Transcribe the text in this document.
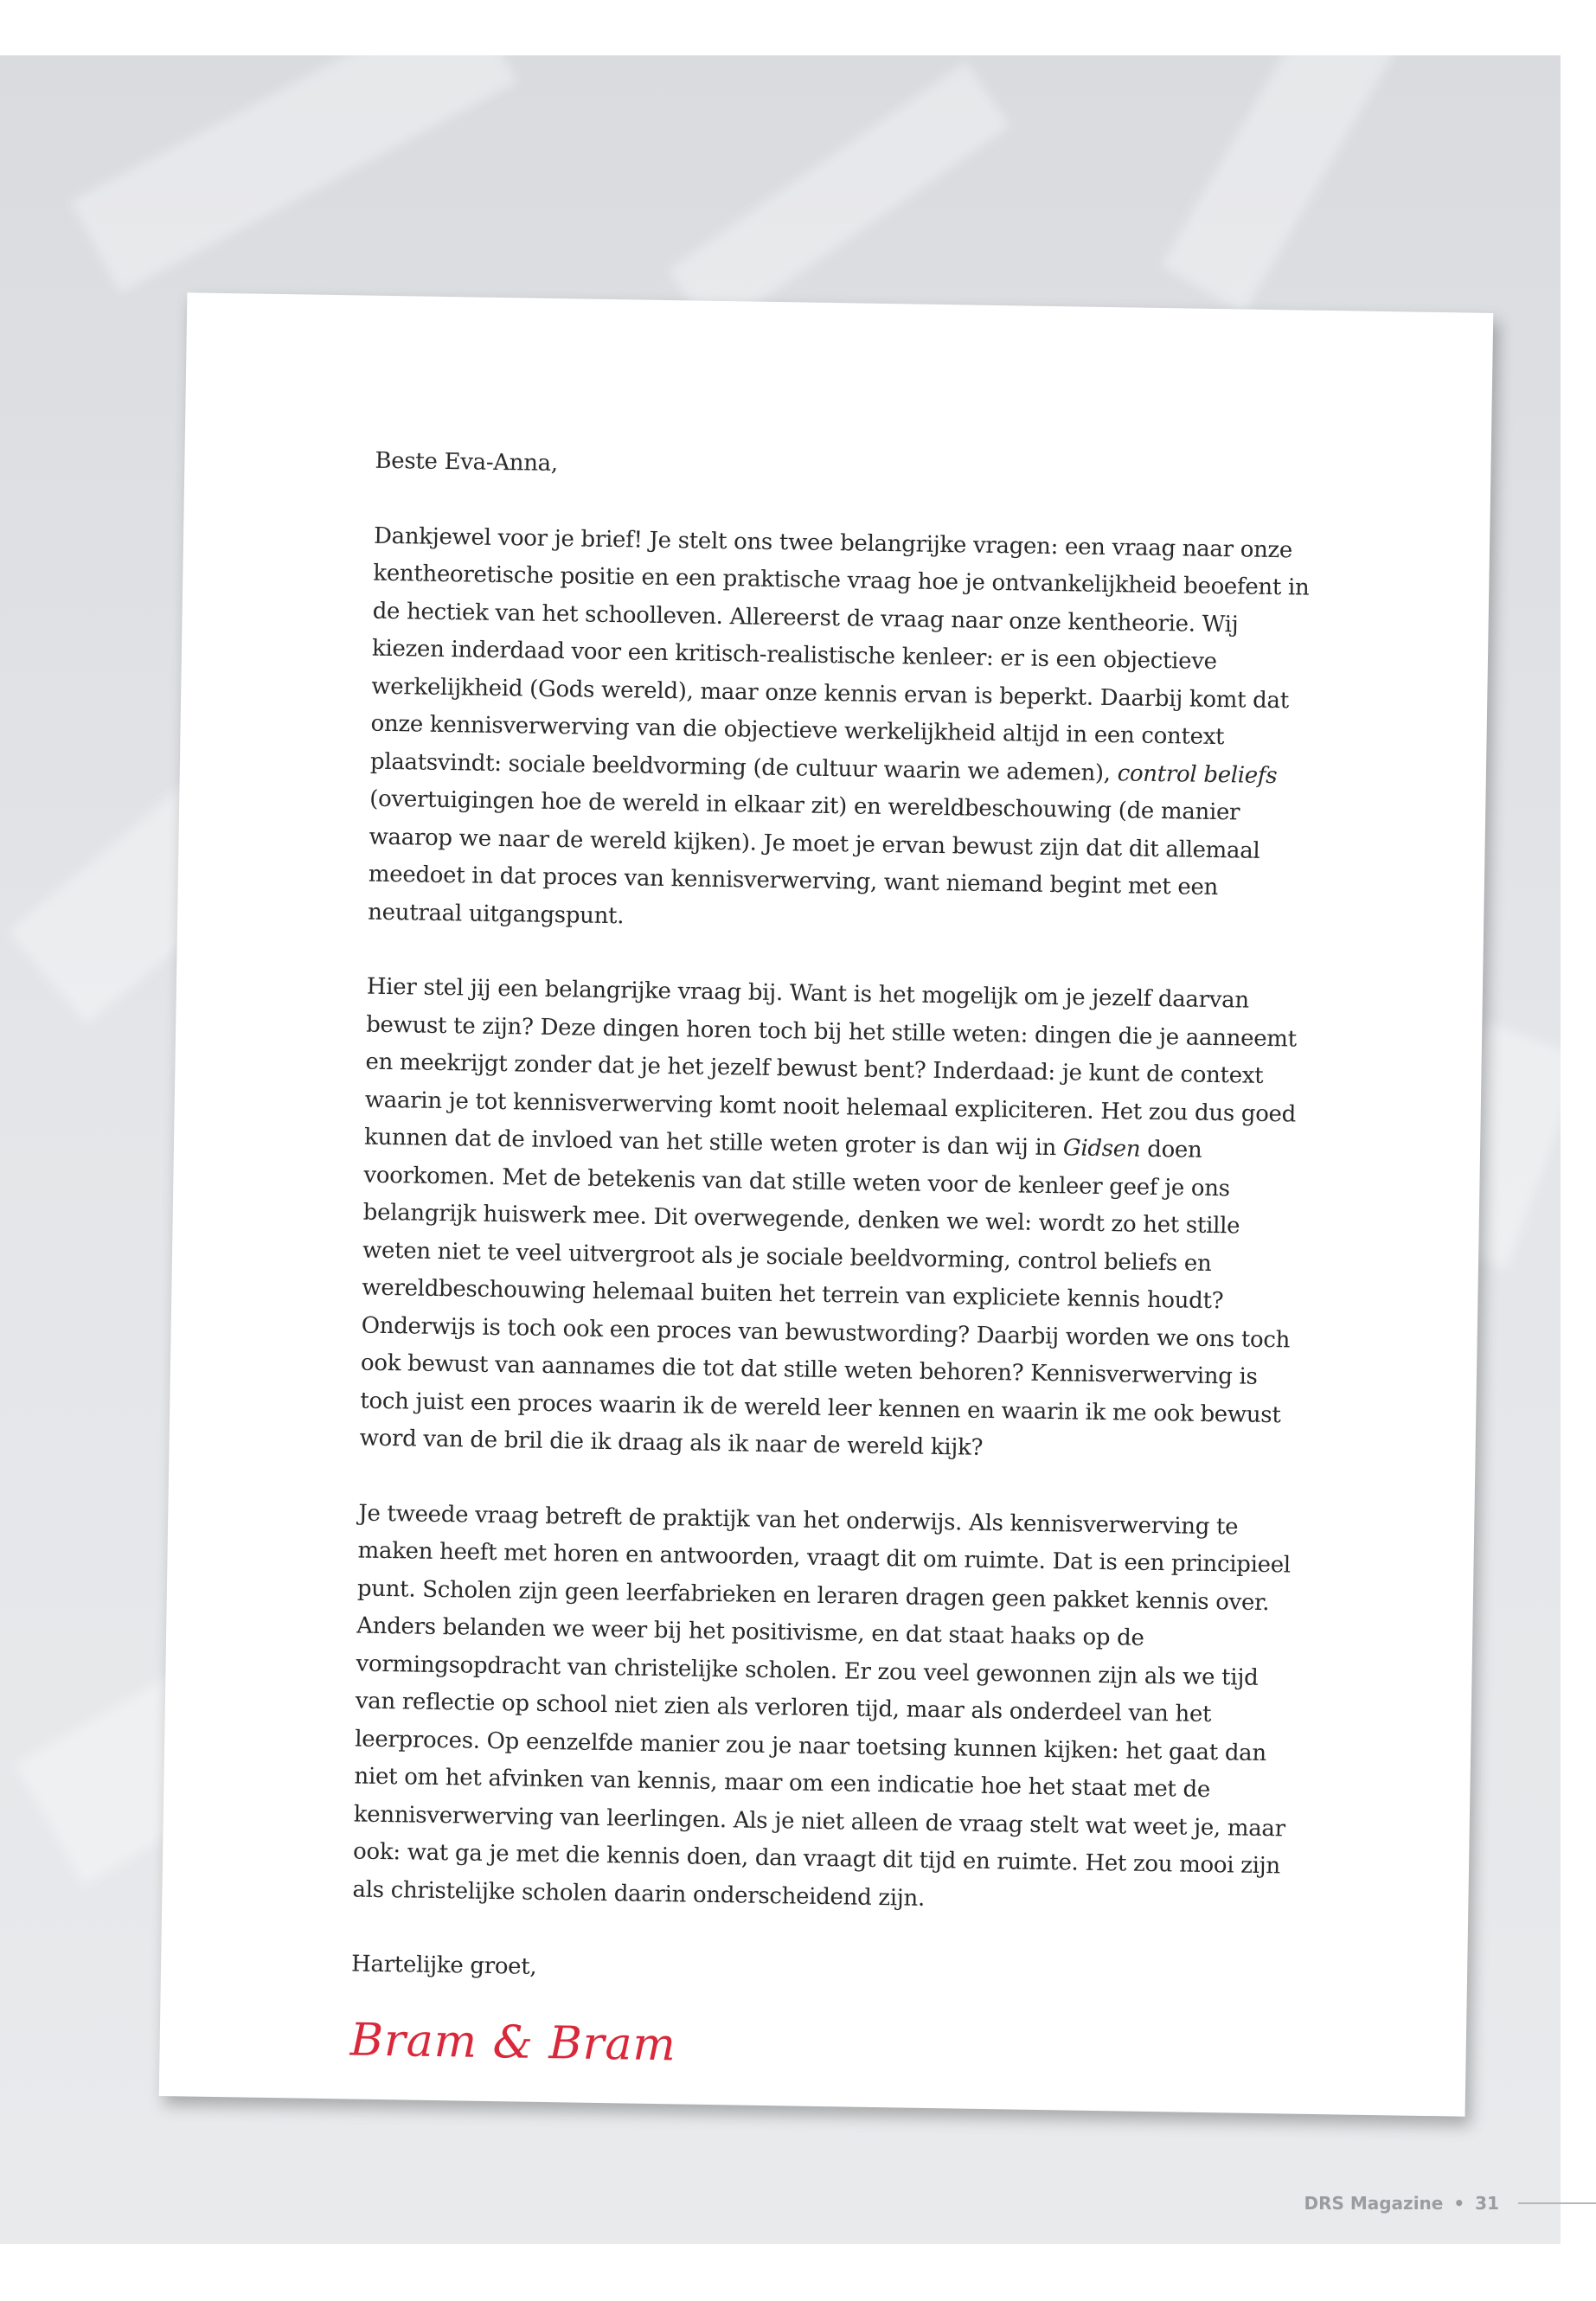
Beste Eva-Anna,

Dankjewel voor je brief! Je stelt ons twee belangrijke vragen: een vraag naar onze kentheoretische positie en een praktische vraag hoe je ontvankelijkheid beoefent in de hectiek van het schoolleven. Allereerst de vraag naar onze kentheorie. Wij kiezen inderdaad voor een kritisch-realistische kenleer: er is een objectieve werkelijkheid (Gods wereld), maar onze kennis ervan is beperkt. Daarbij komt dat onze kennisverwerving van die objectieve werkelijkheid altijd in een context plaatsvindt: sociale beeldvorming (de cultuur waarin we ademen), control beliefs (overtuigingen hoe de wereld in elkaar zit) en wereldbeschouwing (de manier waarop we naar de wereld kijken). Je moet je ervan bewust zijn dat dit allemaal meedoet in dat proces van kennisverwerving, want niemand begint met een neutraal uitgangspunt.

Hier stel jij een belangrijke vraag bij. Want is het mogelijk om je jezelf daarvan bewust te zijn? Deze dingen horen toch bij het stille weten: dingen die je aanneemt en meekrijgt zonder dat je het jezelf bewust bent? Inderdaad: je kunt de context waarin je tot kennisverwerving komt nooit helemaal expliciteren. Het zou dus goed kunnen dat de invloed van het stille weten groter is dan wij in Gidsen doen voorkomen. Met de betekenis van dat stille weten voor de kenleer geef je ons belangrijk huiswerk mee. Dit overwegende, denken we wel: wordt zo het stille weten niet te veel uitvergroot als je sociale beeldvorming, control beliefs en wereldbeschouwing helemaal buiten het terrein van expliciete kennis houdt? Onderwijs is toch ook een proces van bewustwording? Daarbij worden we ons toch ook bewust van aannames die tot dat stille weten behoren? Kennisverwerving is toch juist een proces waarin ik de wereld leer kennen en waarin ik me ook bewust word van de bril die ik draag als ik naar de wereld kijk?

Je tweede vraag betreft de praktijk van het onderwijs. Als kennisverwerving te maken heeft met horen en antwoorden, vraagt dit om ruimte. Dat is een principieel punt. Scholen zijn geen leerfabrieken en leraren dragen geen pakket kennis over. Anders belanden we weer bij het positivisme, en dat staat haaks op de vormingsopdracht van christelijke scholen. Er zou veel gewonnen zijn als we tijd van reflectie op school niet zien als verloren tijd, maar als onderdeel van het leerproces. Op eenzelfde manier zou je naar toetsing kunnen kijken: het gaat dan niet om het afvinken van kennis, maar om een indicatie hoe het staat met de kennisverwerving van leerlingen. Als je niet alleen de vraag stelt wat weet je, maar ook: wat ga je met die kennis doen, dan vraagt dit tijd en ruimte. Het zou mooi zijn als christelijke scholen daarin onderscheidend zijn.

Hartelijke groet,

Bram & Bram
DRS Magazine • 31
